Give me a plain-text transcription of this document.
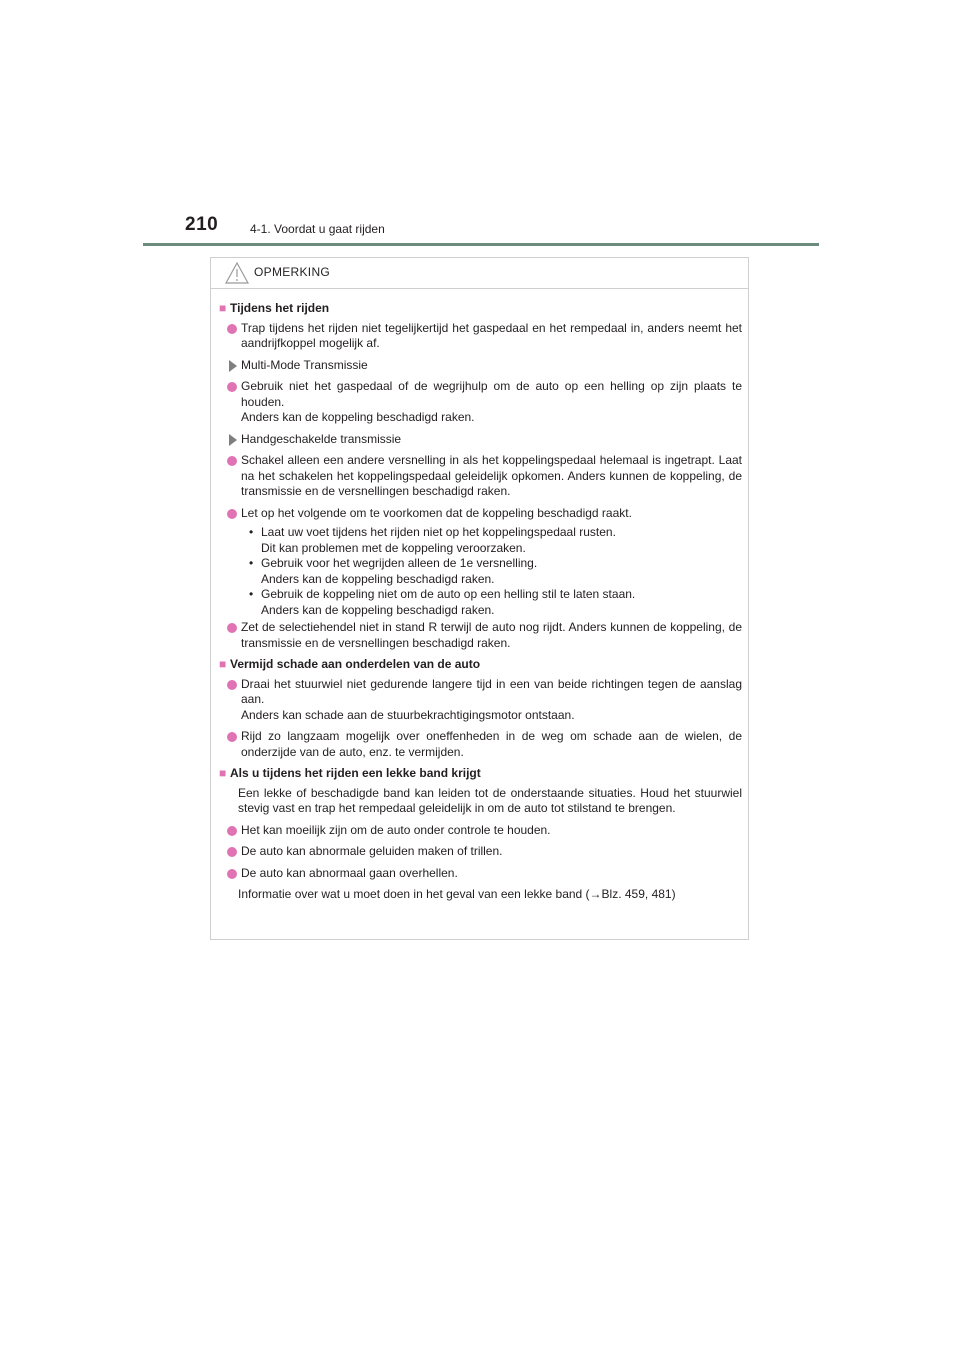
210	4-1. Voordat u gaat rijden
OPMERKING
■ Tijdens het rijden
Trap tijdens het rijden niet tegelijkertijd het gaspedaal en het rempedaal in, anders neemt het aandrijfkoppel mogelijk af.
Multi-Mode Transmissie
Gebruik niet het gaspedaal of de wegrijhulp om de auto op een helling op zijn plaats te houden.
Anders kan de koppeling beschadigd raken.
Handgeschakelde transmissie
Schakel alleen een andere versnelling in als het koppelingspedaal helemaal is ingetrapt. Laat na het schakelen het koppelingspedaal geleidelijk opkomen. Anders kunnen de koppeling, de transmissie en de versnellingen beschadigd raken.
Let op het volgende om te voorkomen dat de koppeling beschadigd raakt.
• Laat uw voet tijdens het rijden niet op het koppelingspedaal rusten.
Dit kan problemen met de koppeling veroorzaken.
• Gebruik voor het wegrijden alleen de 1e versnelling.
Anders kan de koppeling beschadigd raken.
• Gebruik de koppeling niet om de auto op een helling stil te laten staan.
Anders kan de koppeling beschadigd raken.
Zet de selectiehendel niet in stand R terwijl de auto nog rijdt. Anders kunnen de koppeling, de transmissie en de versnellingen beschadigd raken.
■ Vermijd schade aan onderdelen van de auto
Draai het stuurwiel niet gedurende langere tijd in een van beide richtingen tegen de aanslag aan.
Anders kan schade aan de stuurbekrachtigingsmotor ontstaan.
Rijd zo langzaam mogelijk over oneffenheden in de weg om schade aan de wielen, de onderzijde van de auto, enz. te vermijden.
■ Als u tijdens het rijden een lekke band krijgt
Een lekke of beschadigde band kan leiden tot de onderstaande situaties. Houd het stuurwiel stevig vast en trap het rempedaal geleidelijk in om de auto tot stilstand te brengen.
Het kan moeilijk zijn om de auto onder controle te houden.
De auto kan abnormale geluiden maken of trillen.
De auto kan abnormaal gaan overhellen.
Informatie over wat u moet doen in het geval van een lekke band (→Blz. 459, 481)
